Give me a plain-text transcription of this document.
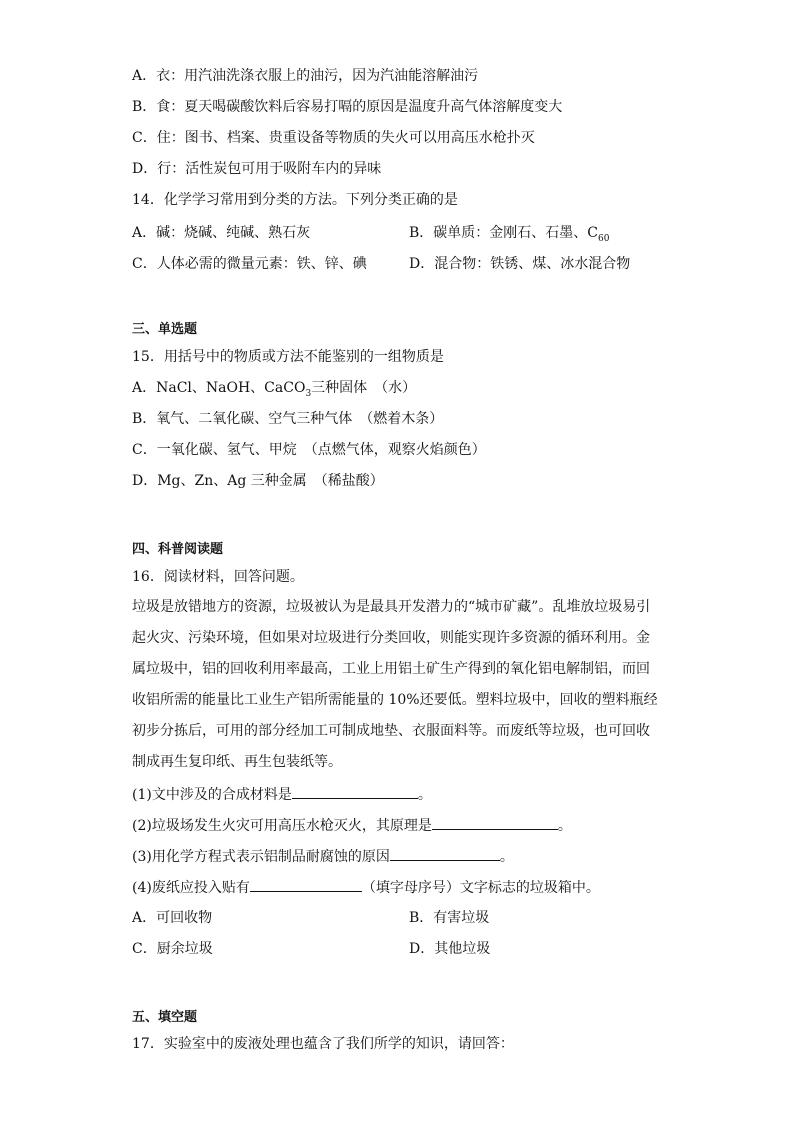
A．衣：用汽油洗涤衣服上的油污，因为汽油能溶解油污
B．食：夏天喝碳酸饮料后容易打嗝的原因是温度升高气体溶解度变大
C．住：图书、档案、贵重设备等物质的失火可以用高压水枪扑灭
D．行：活性炭包可用于吸附车内的异味
14．化学学习常用到分类的方法。下列分类正确的是
A．碱：烧碱、纯碱、熟石灰	B．碳单质：金刚石、石墨、$C_{60}$
C．人体必需的微量元素：铁、锌、碘	D．混合物：铁锈、煤、冰水混合物
三、单选题
15．用括号中的物质或方法不能鉴别的一组物质是
A．NaCl、NaOH、CaCO$_3$三种固体　（水）
B．氧气、二氧化碳、空气三种气体　（燃着木条）
C．一氧化碳、氢气、甲烷　（点燃气体，观察火焰颜色）
D．Mg、Zn、Ag 三种金属　（稀盐酸）
四、科普阅读题
16．阅读材料，回答问题。
垃圾是放错地方的资源，垃圾被认为是最具开发潜力的“城市矿藏”。乱堆放垃圾易引起火灾、污染环境，但如果对垃圾进行分类回收，则能实现许多资源的循环利用。金属垃圾中，铝的回收利用率最高，工业上用铝土矿生产得到的氧化铝电解制铝，而回收铝所需的能量比工业生产铝所需能量的 10%还要低。塑料垃圾中，回收的塑料瓶经初步分拣后，可用的部分经加工可制成地垫、衣服面料等。而废纸等垃圾，也可回收制成再生复印纸、再生包装纸等。
(1)文中涉及的合成材料是	。
(2)垃圾场发生火灾可用高压水枪灭火，其原理是	。
(3)用化学方程式表示铝制品耐腐蚀的原因	。
(4)废纸应投入贴有	（填字母序号）文字标志的垃圾箱中。
A．可回收物	B．有害垃圾
C．厨余垃圾	D．其他垃圾
五、填空题
17．实验室中的废液处理也蕴含了我们所学的知识，请回答：
